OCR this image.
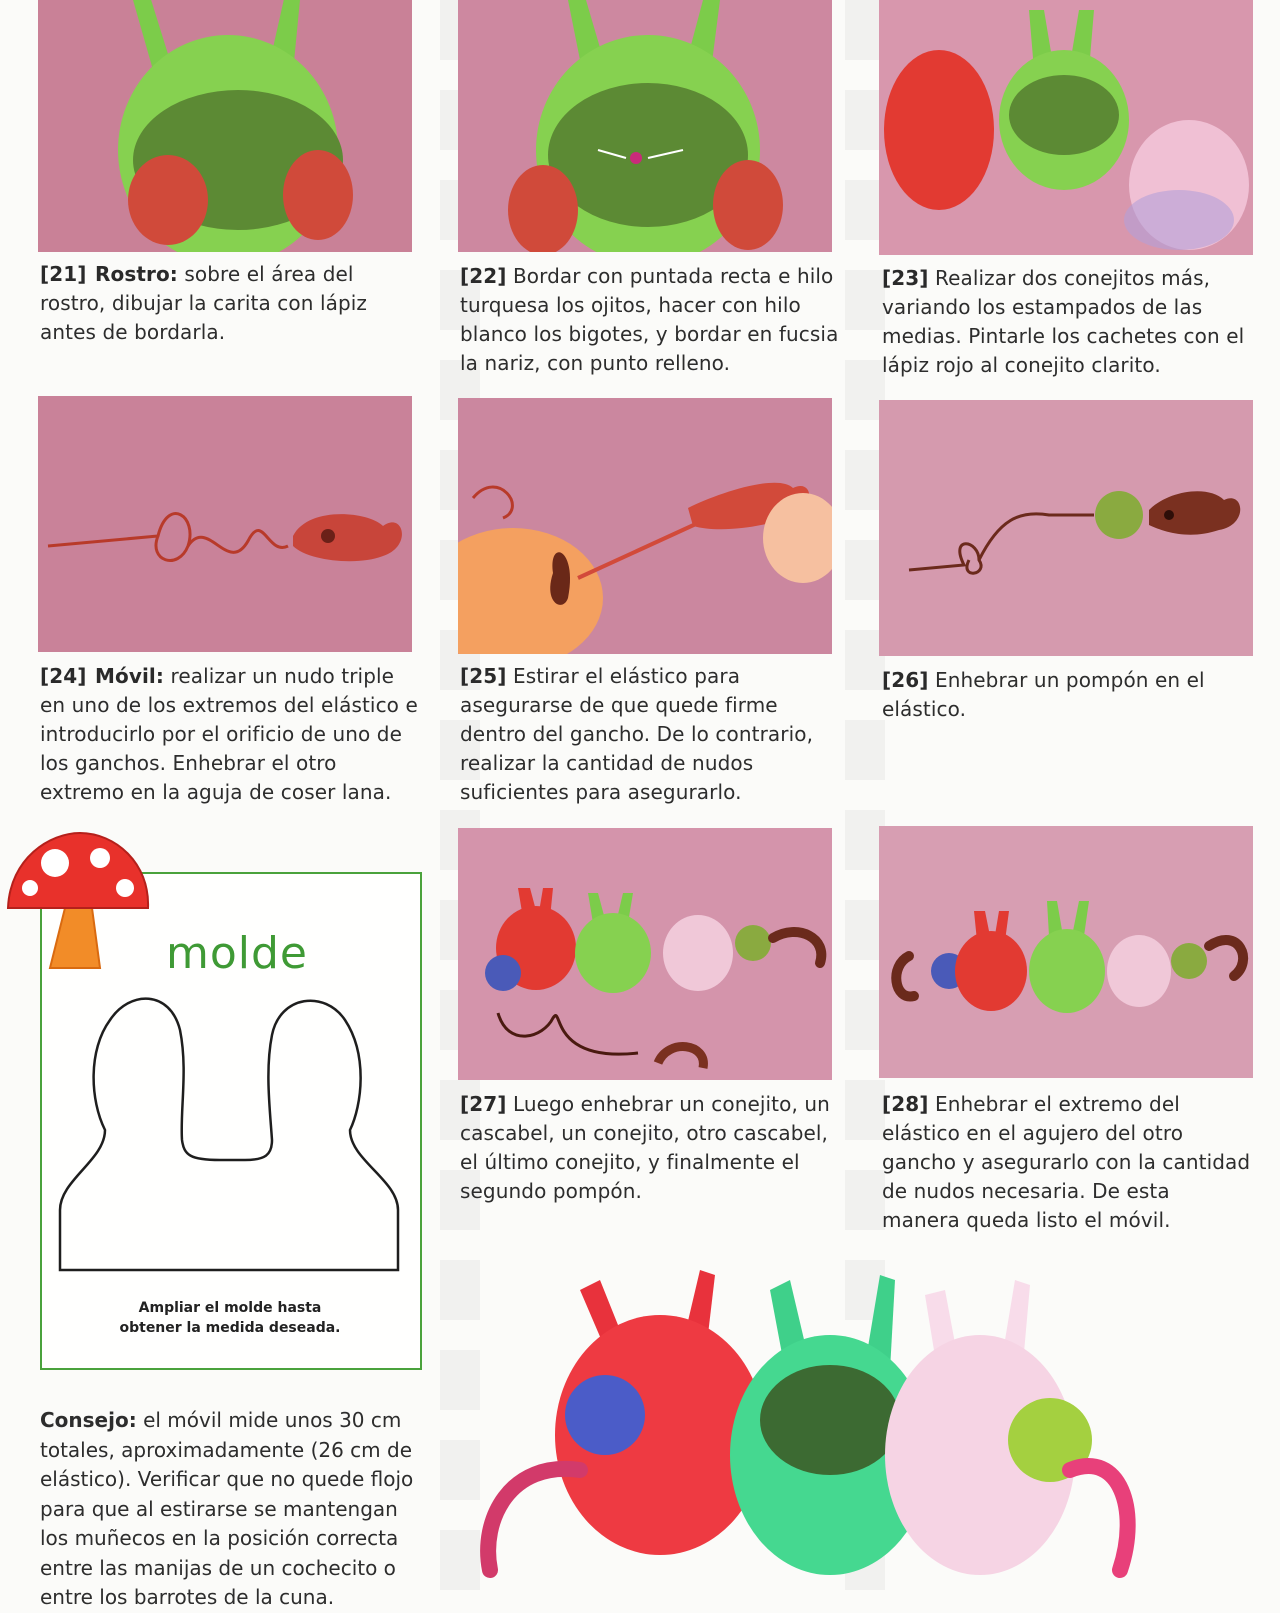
[21] Rostro: sobre el área del rostro, dibujar la carita con lápiz antes de bordarla.
[22] Bordar con puntada recta e hilo turquesa los ojitos, hacer con hilo blanco los bigotes, y bordar en fucsia la nariz, con punto relleno.
[23] Realizar dos conejitos más, variando los estampados de las medias. Pintarle los cachetes con el lápiz rojo al conejito clarito.
[24] Móvil: realizar un nudo triple en uno de los extremos del elástico e introducirlo por el orificio de uno de los ganchos. Enhebrar el otro extremo en la aguja de coser lana.
[25] Estirar el elástico para asegurarse de que quede firme dentro del gancho. De lo contrario, realizar la cantidad de nudos suficientes para asegurarlo.
[26] Enhebrar un pompón en el elástico.
molde
Ampliar el molde hasta
obtener la medida deseada.
[27] Luego enhebrar un conejito, un cascabel, un conejito, otro cascabel, el último conejito, y finalmente el segundo pompón.
[28] Enhebrar el extremo del elástico en el agujero del otro gancho y asegurarlo con la cantidad de nudos necesaria. De esta manera queda listo el móvil.
Consejo: el móvil mide unos 30 cm totales, aproximadamente (26 cm de elástico). Verificar que no quede flojo para que al estirarse se mantengan los muñecos en la posición correcta entre las manijas de un cochecito o entre los barrotes de la cuna.
